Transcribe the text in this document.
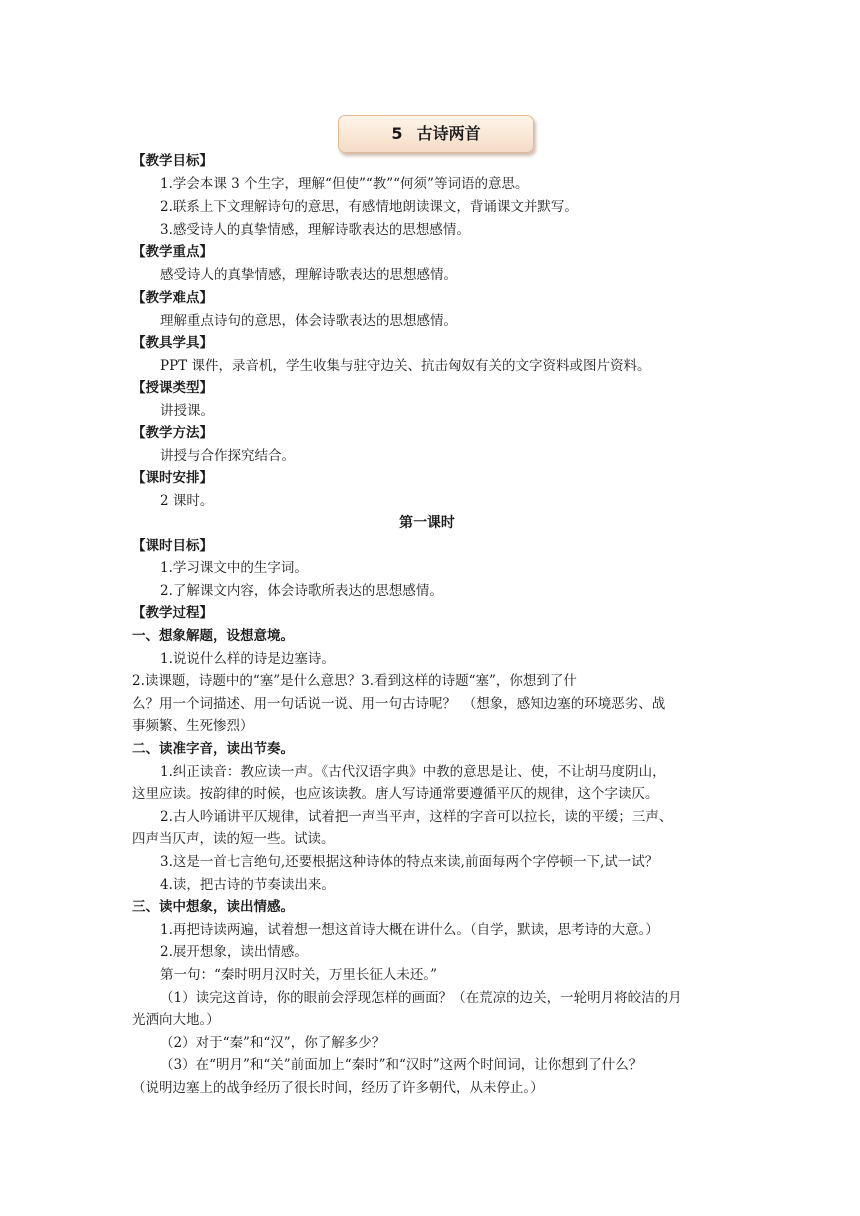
5 古诗两首
【教学目标】
1.学会本课 3 个生字，理解“但使”“教”“何须”等词语的意思。
2.联系上下文理解诗句的意思，有感情地朗读课文，背诵课文并默写。
3.感受诗人的真挚情感，理解诗歌表达的思想感情。
【教学重点】
感受诗人的真挚情感，理解诗歌表达的思想感情。
【教学难点】
理解重点诗句的意思，体会诗歌表达的思想感情。
【教具学具】
PPT 课件，录音机，学生收集与驻守边关、抗击匈奴有关的文字资料或图片资料。
【授课类型】
讲授课。
【教学方法】
讲授与合作探究结合。
【课时安排】
2 课时。
第一课时
【课时目标】
1.学习课文中的生字词。
2.了解课文内容，体会诗歌所表达的思想感情。
【教学过程】
一、想象解题，设想意境。
1.说说什么样的诗是边塞诗。
2.读课题，诗题中的“塞”是什么意思？3.看到这样的诗题“塞”，你想到了什
么？用一个词描述、用一句话说一说、用一句古诗呢？　（想象，感知边塞的环境恶劣、战
事频繁、生死惨烈）
二、读准字音，读出节奏。
1.纠正读音：教应读一声。《古代汉语字典》中教的意思是让、使，不让胡马度阴山，
这里应读。按韵律的时候，也应该读教。唐人写诗通常要遵循平仄的规律，这个字读仄。
2.古人吟诵讲平仄规律，试着把一声当平声，这样的字音可以拉长，读的平缓；三声、
四声当仄声，读的短一些。试读。
3.这是一首七言绝句,还要根据这种诗体的特点来读,前面每两个字停顿一下,试一试？
4.读，把古诗的节奏读出来。
三、读中想象，读出情感。
1.再把诗读两遍，试着想一想这首诗大概在讲什么。（自学，默读，思考诗的大意。）
2.展开想象，读出情感。
第一句：“秦时明月汉时关，万里长征人未还。”
（1）读完这首诗，你的眼前会浮现怎样的画面？（在荒凉的边关，一轮明月将皎洁的月
光洒向大地。）
（2）对于“秦”和“汉”，你了解多少？
（3）在“明月”和“关”前面加上“秦时”和“汉时”这两个时间词，让你想到了什么？
（说明边塞上的战争经历了很长时间，经历了许多朝代，从未停止。）
